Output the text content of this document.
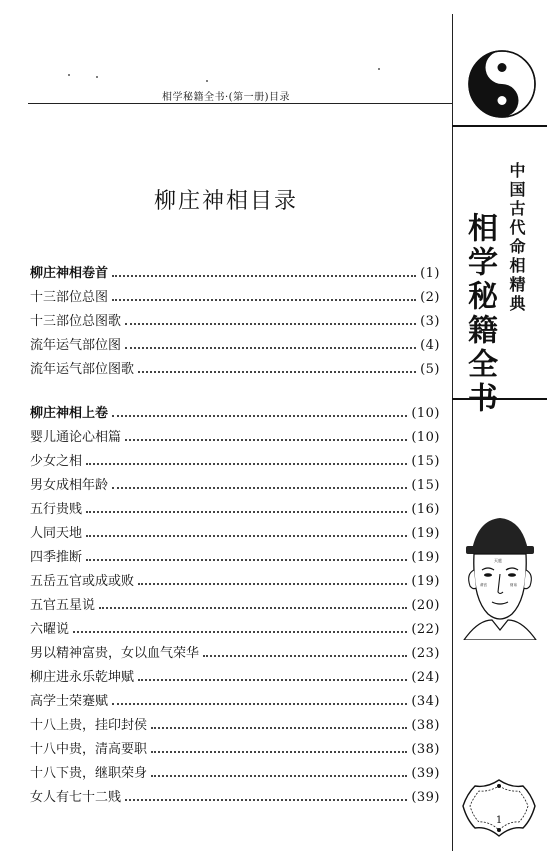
相学秘籍全书·(第一册)目录
柳庄神相目录
柳庄神相卷首	(1)
十三部位总图	(2)
十三部位总图歌	(3)
流年运气部位图	(4)
流年运气部位图歌	(5)
柳庄神相上卷	(10)
婴儿通论心相篇	(10)
少女之相	(15)
男女成相年龄	(15)
五行贵贱	(16)
人同天地	(19)
四季推断	(19)
五岳五官或成或败	(19)
五官五星说	(20)
六曜说	(22)
男以精神富贵，女以血气荣华	(23)
柳庄进永乐乾坤赋	(24)
高学士荣蹇赋	(34)
十八上贵，挂印封侯	(38)
十八中贵，清高要职	(38)
十八下贵，继职荣身	(39)
女人有七十二贱	(39)
中国古代命相精典
相学秘籍全书
天庭
命宫	财帛
1
